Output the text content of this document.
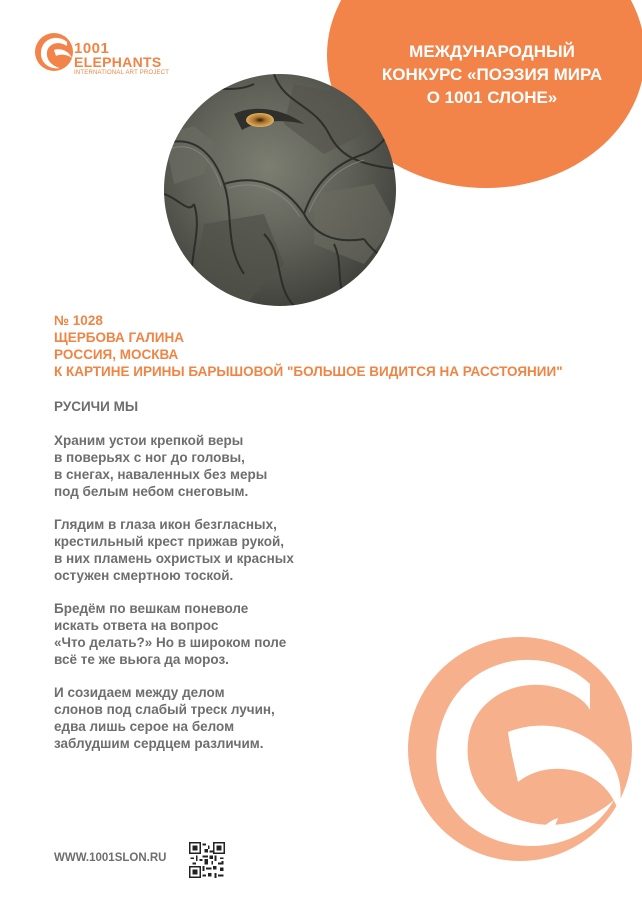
1001
ELEPHANTS
INTERNATIONAL ART PROJECT
МЕЖДУНАРОДНЫЙ
КОНКУРС «ПОЭЗИЯ МИРА
О 1001 СЛОНЕ»
№ 1028
ЩЕРБОВА ГАЛИНА
РОССИЯ, МОСКВА
К КАРТИНЕ ИРИНЫ БАРЫШОВОЙ "БОЛЬШОЕ ВИДИТСЯ НА РАССТОЯНИИ"
РУСИЧИ МЫ
Храним устои крепкой веры
в поверьях с ног до головы,
в снегах, наваленных без меры
под белым небом снеговым.
Глядим в глаза икон безгласных,
крестильный крест прижав рукой,
в них пламень охристых и красных
остужен смертною тоской.
Бредём по вешкам поневоле
искать ответа на вопрос
«Что делать?» Но в широком поле
всё те же вьюга да мороз.
И созидаем между делом
слонов под слабый треск лучин,
едва лишь серое на белом
заблудшим сердцем различим.
WWW.1001SLON.RU
